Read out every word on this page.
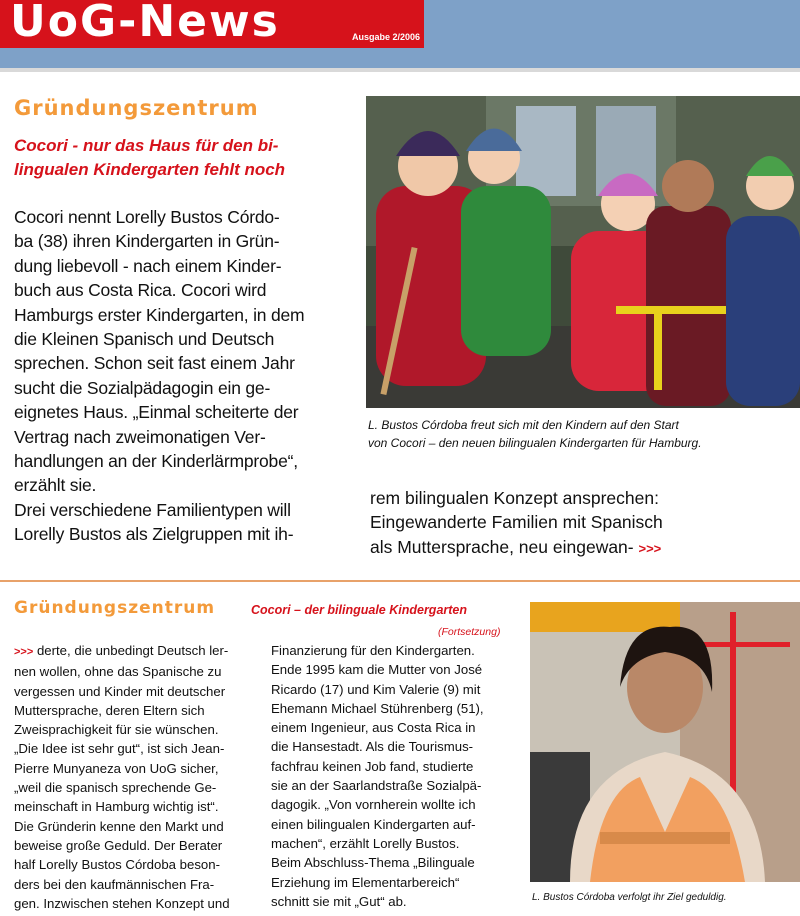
UoG-News	Ausgabe 2/2006
Gründungszentrum
Cocori - nur das Haus für den bi-
lingualen Kindergarten fehlt noch
Cocori nennt Lorelly Bustos Córdo-
ba (38) ihren Kindergarten in Grün-
dung liebevoll - nach einem Kinder-
buch aus Costa Rica. Cocori wird
Hamburgs erster Kindergarten, in dem
die Kleinen Spanisch und Deutsch
sprechen. Schon seit fast einem Jahr
sucht die Sozialpädagogin ein ge-
eignetes Haus. „Einmal scheiterte der
Vertrag nach zweimonatigen Ver-
handlungen an der Kinderlärmprobe“,
erzählt sie.
Drei verschiedene Familientypen will
Lorelly Bustos als Zielgruppen mit ih-
L. Bustos Córdoba freut sich mit den Kindern auf den Start
von Cocori – den neuen bilingualen Kindergarten für Hamburg.
rem bilingualen Konzept ansprechen:
Eingewanderte Familien mit Spanisch
als Muttersprache, neu eingewan- >>>
Gründungszentrum	Cocori – der bilinguale Kindergarten
(Fortsetzung)
>>> derte, die unbedingt Deutsch ler-
nen wollen, ohne das Spanische zu
vergessen und Kinder mit deutscher
Muttersprache, deren Eltern sich
Zweisprachigkeit für sie wünschen.
„Die Idee ist sehr gut“, ist sich Jean-
Pierre Munyaneza von UoG sicher,
„weil die spanisch sprechende Ge-
meinschaft in Hamburg wichtig ist“.
Die Gründerin kenne den Markt und
beweise große Geduld. Der Berater
half Lorelly Bustos Córdoba beson-
ders bei den kaufmännischen Fra-
gen. Inzwischen stehen Konzept und
Finanzierung für den Kindergarten.
Ende 1995 kam die Mutter von José
Ricardo (17) und Kim Valerie (9) mit
Ehemann Michael Stührenberg (51),
einem Ingenieur, aus Costa Rica in
die Hansestadt. Als die Tourismus-
fachfrau keinen Job fand, studierte
sie an der Saarlandstraße Sozialpä-
dagogik. „Von vornherein wollte ich
einen bilingualen Kindergarten auf-
machen“, erzählt Lorelly Bustos.
Beim Abschluss-Thema „Bilinguale
Erziehung im Elementarbereich“
schnitt sie mit „Gut“ ab.	L. Bustos Córdoba verfolgt ihr Ziel geduldig.
